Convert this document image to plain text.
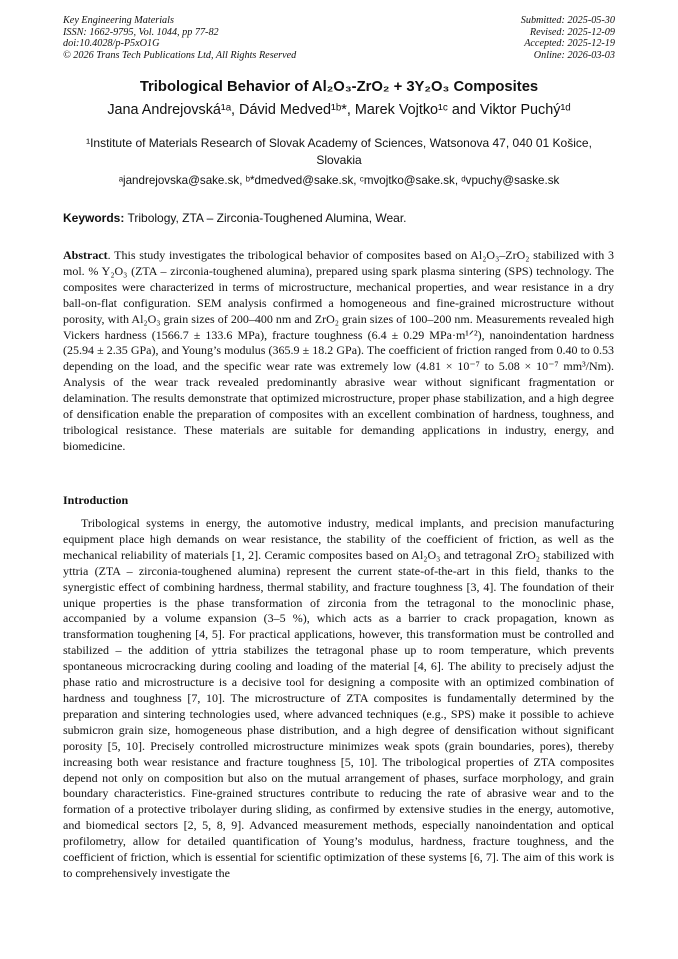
Key Engineering Materials
ISSN: 1662-9795, Vol. 1044, pp 77-82
doi:10.4028/p-P5xO1G
© 2026 Trans Tech Publications Ltd, All Rights Reserved
Submitted: 2025-05-30
Revised: 2025-12-09
Accepted: 2025-12-19
Online: 2026-03-03
Tribological Behavior of Al₂O₃-ZrO₂ + 3Y₂O₃ Composites
Jana Andrejovská¹ᵃ, Dávid Medved¹ᵇ*, Marek Vojtko¹ᶜ and Viktor Puchý¹ᵈ
¹Institute of Materials Research of Slovak Academy of Sciences, Watsonova 47, 040 01 Košice, Slovakia
ᵃjandrejovska@sake.sk, ᵇ*dmedved@sake.sk, ᶜmvojtko@sake.sk, ᵈvpuchy@saske.sk
Keywords: Tribology, ZTA – Zirconia-Toughened Alumina, Wear.
Abstract. This study investigates the tribological behavior of composites based on Al₂O₃–ZrO₂ stabilized with 3 mol. % Y₂O₃ (ZTA – zirconia-toughened alumina), prepared using spark plasma sintering (SPS) technology. The composites were characterized in terms of microstructure, mechanical properties, and wear resistance in a dry ball-on-flat configuration. SEM analysis confirmed a homogeneous and fine-grained microstructure without porosity, with Al₂O₃ grain sizes of 200–400 nm and ZrO₂ grain sizes of 100–200 nm. Measurements revealed high Vickers hardness (1566.7 ± 133.6 MPa), fracture toughness (6.4 ± 0.29 MPa·m¹ᐟ²), nanoindentation hardness (25.94 ± 2.35 GPa), and Young’s modulus (365.9 ± 18.2 GPa). The coefficient of friction ranged from 0.40 to 0.53 depending on the load, and the specific wear rate was extremely low (4.81 × 10⁻⁷ to 5.08 × 10⁻⁷ mm³/Nm). Analysis of the wear track revealed predominantly abrasive wear without significant fragmentation or delamination. The results demonstrate that optimized microstructure, proper phase stabilization, and a high degree of densification enable the preparation of composites with an excellent combination of hardness, toughness, and tribological resistance. These materials are suitable for demanding applications in industry, energy, and biomedicine.
Introduction
Tribological systems in energy, the automotive industry, medical implants, and precision manufacturing equipment place high demands on wear resistance, the stability of the coefficient of friction, as well as the mechanical reliability of materials [1, 2]. Ceramic composites based on Al₂O₃ and tetragonal ZrO₂ stabilized with yttria (ZTA – zirconia-toughened alumina) represent the current state-of-the-art in this field, thanks to the synergistic effect of combining hardness, thermal stability, and fracture toughness [3, 4]. The foundation of their unique properties is the phase transformation of zirconia from the tetragonal to the monoclinic phase, accompanied by a volume expansion (3–5 %), which acts as a barrier to crack propagation, known as transformation toughening [4, 5]. For practical applications, however, this transformation must be controlled and stabilized – the addition of yttria stabilizes the tetragonal phase up to room temperature, which prevents spontaneous microcracking during cooling and loading of the material [4, 6]. The ability to precisely adjust the phase ratio and microstructure is a decisive tool for designing a composite with an optimized combination of hardness and toughness [7, 10]. The microstructure of ZTA composites is fundamentally determined by the preparation and sintering technologies used, where advanced techniques (e.g., SPS) make it possible to achieve submicron grain size, homogeneous phase distribution, and a high degree of densification without significant porosity [5, 10]. Precisely controlled microstructure minimizes weak spots (grain boundaries, pores), thereby increasing both wear resistance and fracture toughness [5, 10]. The tribological properties of ZTA composites depend not only on composition but also on the mutual arrangement of phases, surface morphology, and grain boundary characteristics. Fine-grained structures contribute to reducing the rate of abrasive wear and to the formation of a protective tribolayer during sliding, as confirmed by extensive studies in the energy, automotive, and biomedical sectors [2, 5, 8, 9]. Advanced measurement methods, especially nanoindentation and optical profilometry, allow for detailed quantification of Young’s modulus, hardness, fracture toughness, and the coefficient of friction, which is essential for scientific optimization of these systems [6, 7]. The aim of this work is to comprehensively investigate the
